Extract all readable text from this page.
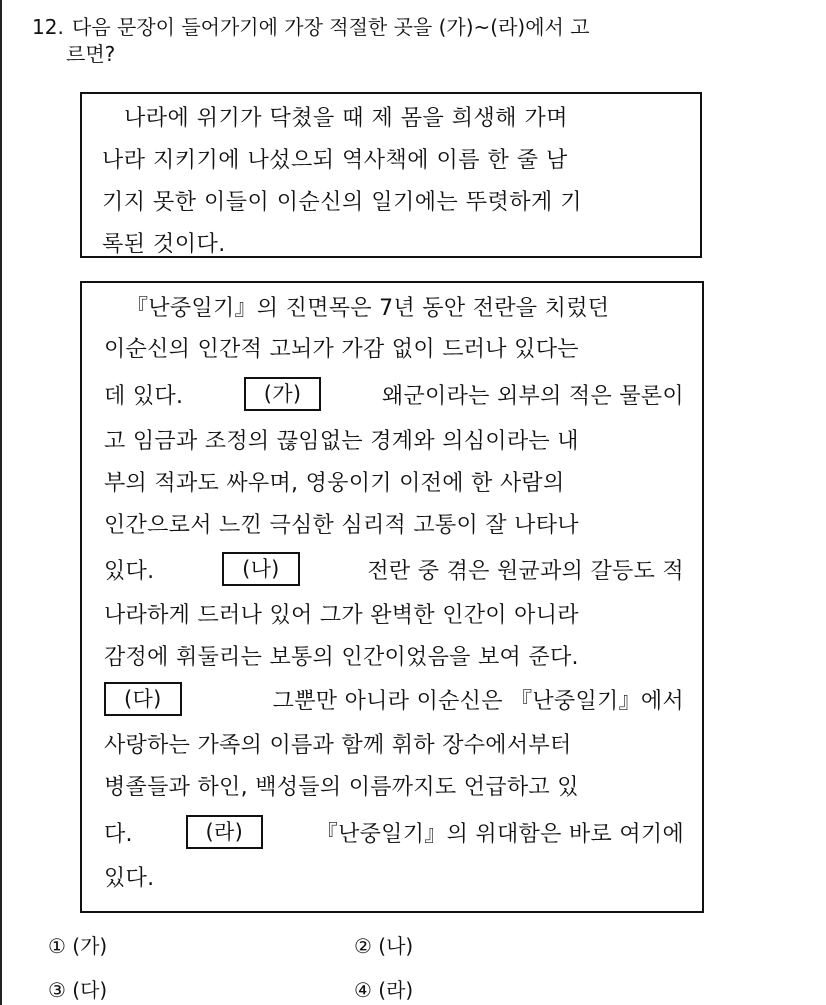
12. 다음 문장이 들어가기에 가장 적절한 곳을 (가)~(라)에서 고
르면?
나라에 위기가 닥쳤을 때 제 몸을 희생해 가며
나라 지키기에 나섰으되 역사책에 이름 한 줄 남
기지 못한 이들이 이순신의 일기에는 뚜렷하게 기
록된 것이다.
『난중일기』의 진면목은 7년 동안 전란을 치렀던
이순신의 인간적 고뇌가 가감 없이 드러나 있다는
데 있다.	(가)	왜군이라는 외부의 적은 물론이
고 임금과 조정의 끊임없는 경계와 의심이라는 내
부의 적과도 싸우며, 영웅이기 이전에 한 사람의
인간으로서 느낀 극심한 심리적 고통이 잘 나타나
있다.	(나)	전란 중 겪은 원균과의 갈등도 적
나라하게 드러나 있어 그가 완벽한 인간이 아니라
감정에 휘둘리는 보통의 인간이었음을 보여 준다.
(다)	그뿐만 아니라 이순신은 『난중일기』에서
사랑하는 가족의 이름과 함께 휘하 장수에서부터
병졸들과 하인, 백성들의 이름까지도 언급하고 있
다.	(라)	『난중일기』의 위대함은 바로 여기에
있다.
① (가)	② (나)
③ (다)	④ (라)
